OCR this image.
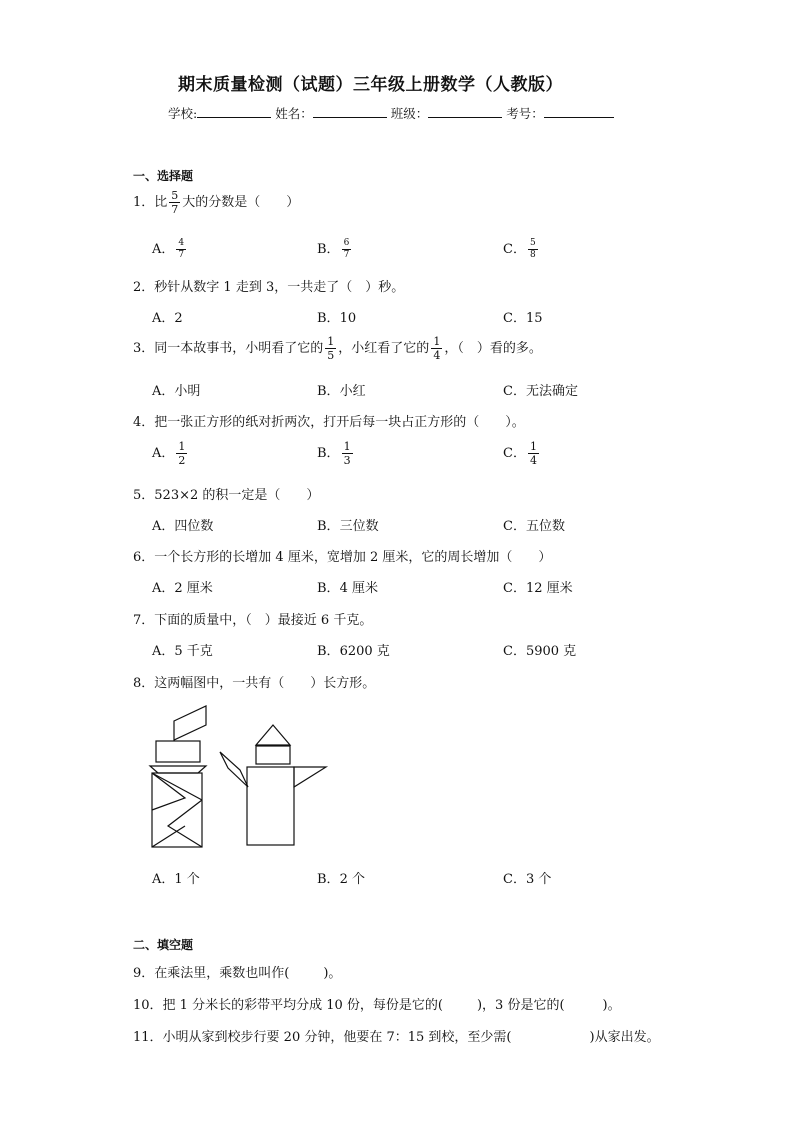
期末质量检测（试题）三年级上册数学（人教版）
学校:	姓名：	班级：	考号：
一、选择题
1．比 $\frac{5}{7}$ 大的分数是（　　）
A． $\frac{4}{7}$	B． $\frac{6}{7}$	C． $\frac{5}{8}$
2．秒针从数字 1 走到 3，一共走了（　）秒。
A．2	B．10	C．15
3．同一本故事书，小明看了它的 $\frac{1}{5}$ ，小红看了它的 $\frac{1}{4}$ ，（　）看的多。
A．小明	B．小红	C．无法确定
4．把一张正方形的纸对折两次，打开后每一块占正方形的（　　）。
A． $\frac{1}{2}$	B． $\frac{1}{3}$	C． $\frac{1}{4}$
5．523×2 的积一定是（　　）
A．四位数	B．三位数	C．五位数
6．一个长方形的长增加 4 厘米，宽增加 2 厘米，它的周长增加（　　）
A．2 厘米	B．4 厘米	C．12 厘米
7．下面的质量中，（　）最接近 6 千克。
A．5 千克	B．6200 克	C．5900 克
8．这两幅图中，一共有（　　）长方形。
A．1 个	B．2 个	C．3 个
二、填空题
9．在乘法里，乘数也叫作(	)。
10．把 1 分米长的彩带平均分成 10 份，每份是它的(	)，3 份是它的(	)。
11．小明从家到校步行要 20 分钟，他要在 7：15 到校，至少需(	)从家出发。
